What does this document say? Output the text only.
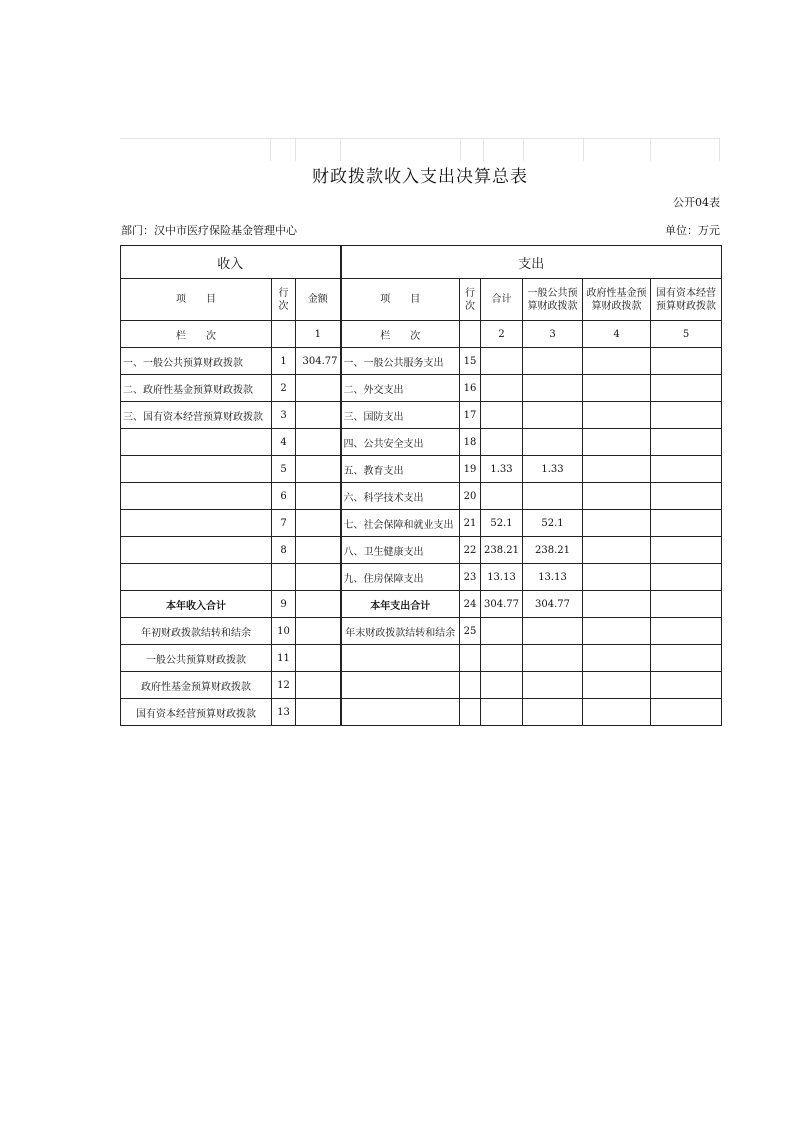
财政拨款收入支出决算总表
公开04表
部门：汉中市医疗保险基金管理中心	单位：万元
收入			支出					
项　　目	行次	金额	项　　目	行次	合计	一般公共预算财政拨款	政府性基金预算财政拨款	国有资本经营预算财政拨款
栏　　次		1	栏　　次		2	3	4	5
一、一般公共预算财政拨款	1	304.77	一、一般公共服务支出	15				
二、政府性基金预算财政拨款	2		二、外交支出	16				
三、国有资本经营预算财政拨款	3		三、国防支出	17				
	4		四、公共安全支出	18				
	5		五、教育支出	19	1.33	1.33		
	6		六、科学技术支出	20				
	7		七、社会保障和就业支出	21	52.1	52.1		
	8		八、卫生健康支出	22	238.21	238.21		
			九、住房保障支出	23	13.13	13.13		
本年收入合计	9		本年支出合计	24	304.77	304.77		
年初财政拨款结转和结余	10		年末财政拨款结转和结余	25				
一般公共预算财政拨款	11							
政府性基金预算财政拨款	12							
国有资本经营预算财政拨款	13							
